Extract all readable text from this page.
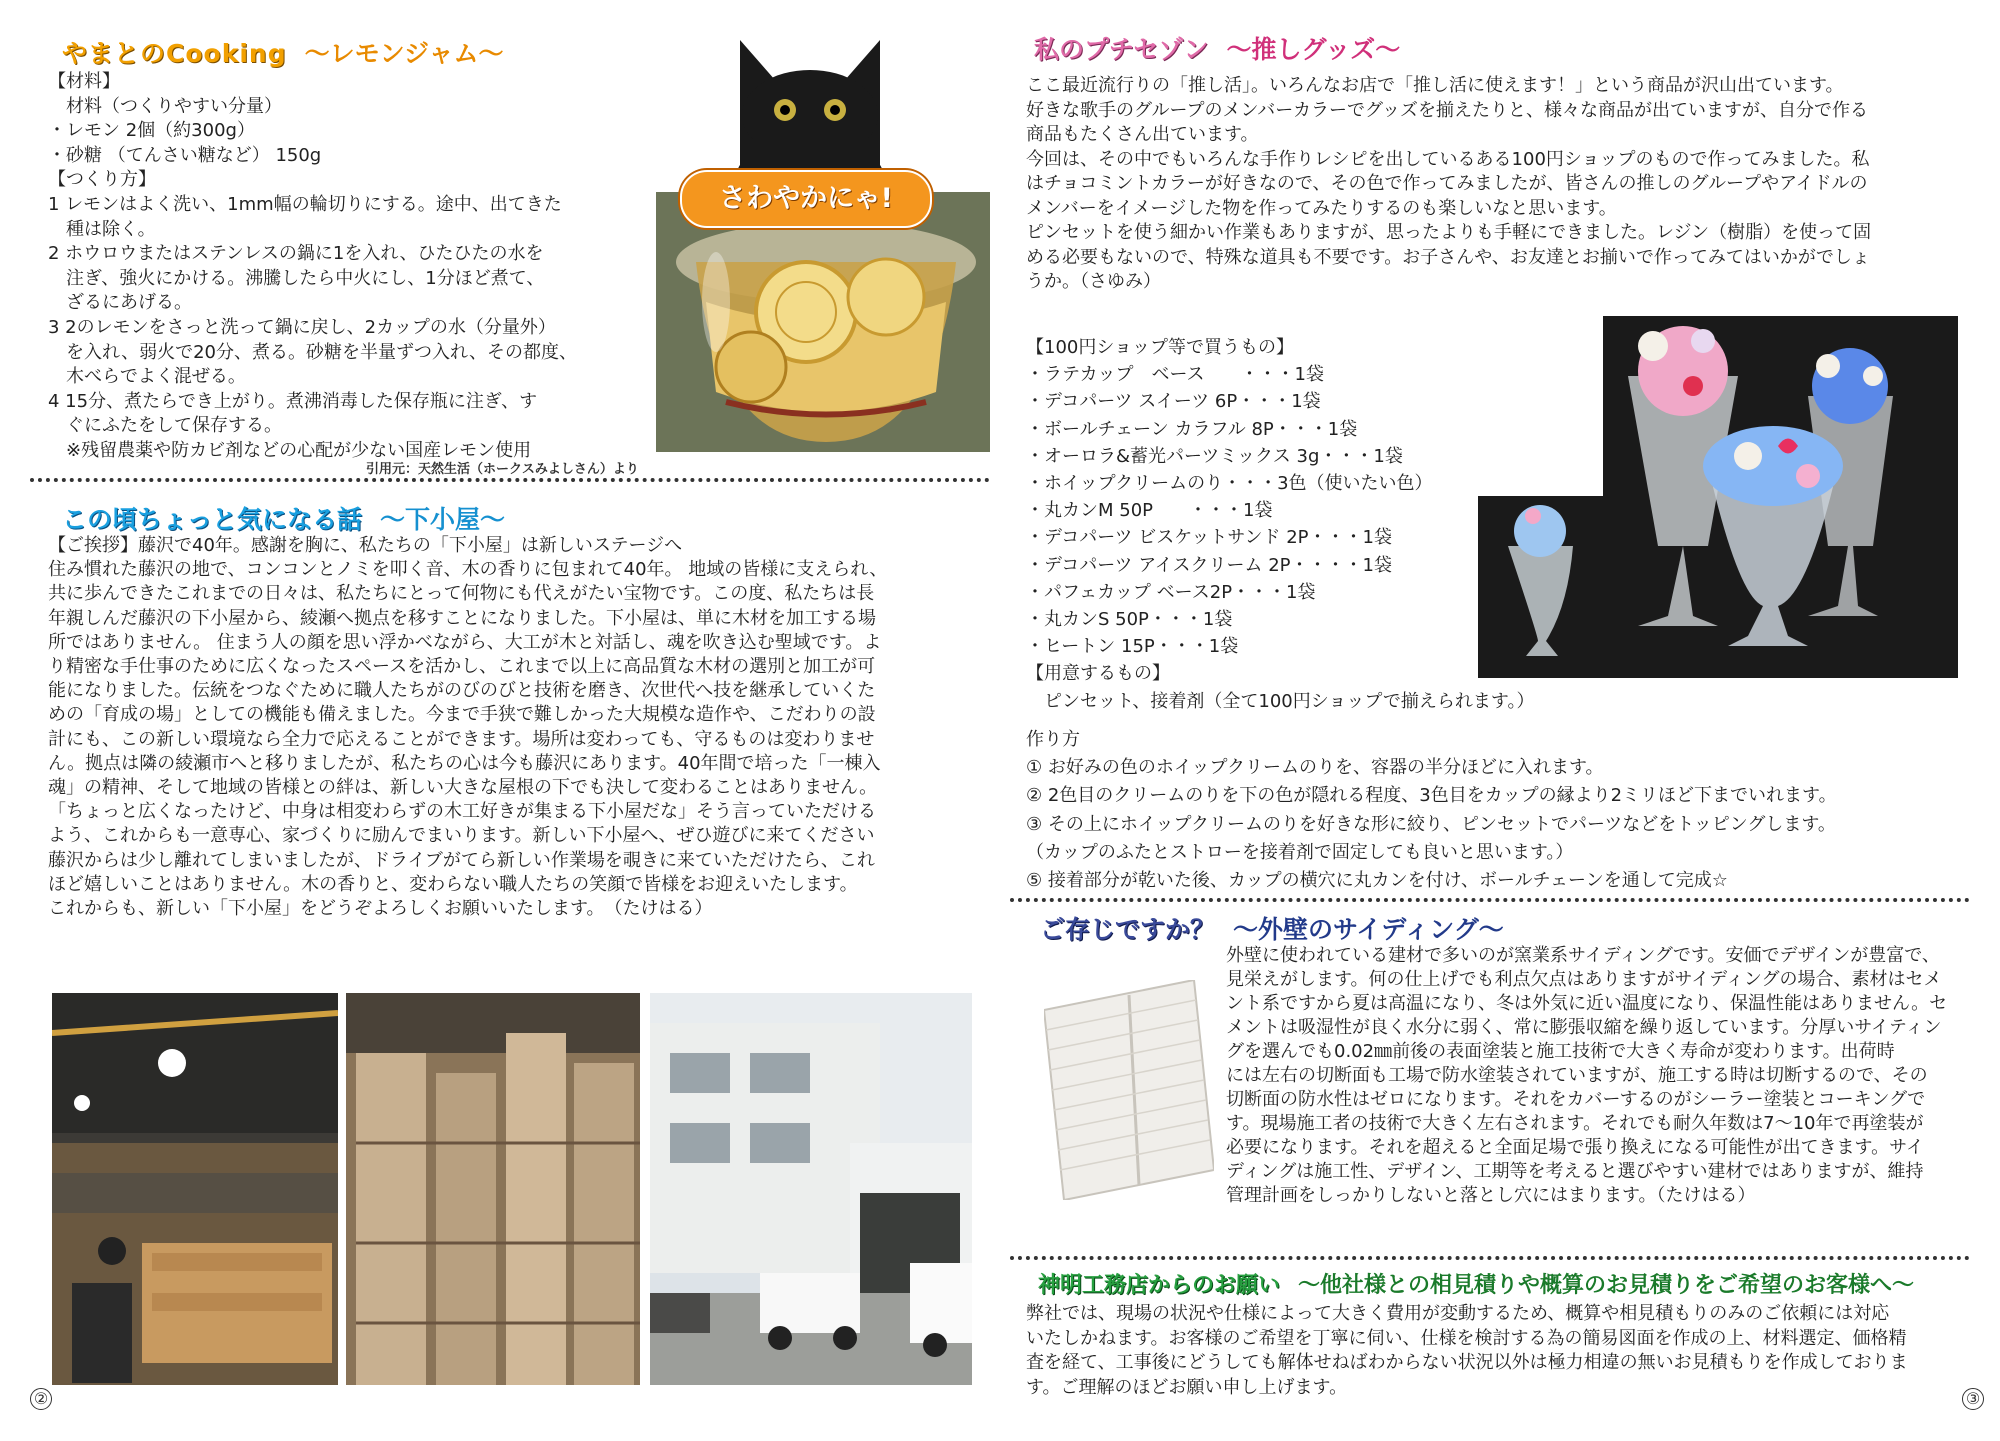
やまとのCooking ～レモンジャム～
【材料】
　材料（つくりやすい分量）
・レモン 2個（約300g）
・砂糖 （てんさい糖など） 150g
【つくり方】
1 レモンはよく洗い、1mm幅の輪切りにする。途中、出てきた
　種は除く。
2 ホウロウまたはステンレスの鍋に1を入れ、ひたひたの水を
　注ぎ、強火にかける。沸騰したら中火にし、1分ほど煮て、
　ざるにあげる。
3 2のレモンをさっと洗って鍋に戻し、2カップの水（分量外）
　を入れ、弱火で20分、煮る。砂糖を半量ずつ入れ、その都度、
　木べらでよく混ぜる。
4 15分、煮たらでき上がり。煮沸消毒した保存瓶に注ぎ、す
　ぐにふたをして保存する。
　※残留農薬や防カビ剤などの心配が少ない国産レモン使用
さわやかにゃ!
引用元：天然生活（ホークスみよしさん）より
この頃ちょっと気になる話 ～下小屋～
【ご挨拶】藤沢で40年。感謝を胸に、私たちの「下小屋」は新しいステージへ
住み慣れた藤沢の地で、コンコンとノミを叩く音、木の香りに包まれて40年。 地域の皆様に支えられ、
共に歩んできたこれまでの日々は、私たちにとって何物にも代えがたい宝物です。この度、私たちは長
年親しんだ藤沢の下小屋から、綾瀬へ拠点を移すことになりました。下小屋は、単に木材を加工する場
所ではありません。 住まう人の顔を思い浮かべながら、大工が木と対話し、魂を吹き込む聖域です。よ
り精密な手仕事のために広くなったスペースを活かし、これまで以上に高品質な木材の選別と加工が可
能になりました。伝統をつなぐために職人たちがのびのびと技術を磨き、次世代へ技を継承していくた
めの「育成の場」としての機能も備えました。今まで手狭で難しかった大規模な造作や、こだわりの設
計にも、この新しい環境なら全力で応えることができます。場所は変わっても、守るものは変わりませ
ん。拠点は隣の綾瀬市へと移りましたが、私たちの心は今も藤沢にあります。40年間で培った「一棟入
魂」の精神、そして地域の皆様との絆は、新しい大きな屋根の下でも決して変わることはありません。
「ちょっと広くなったけど、中身は相変わらずの木工好きが集まる下小屋だな」そう言っていただける
よう、これからも一意専心、家づくりに励んでまいります。新しい下小屋へ、ぜひ遊びに来てください
藤沢からは少し離れてしまいましたが、ドライブがてら新しい作業場を覗きに来ていただけたら、これ
ほど嬉しいことはありません。木の香りと、変わらない職人たちの笑顔で皆様をお迎えいたします。
これからも、新しい「下小屋」をどうぞよろしくお願いいたします。　（たけはる）
②
私のプチセゾン ～推しグッズ～
ここ最近流行りの「推し活」。いろんなお店で「推し活に使えます！」という商品が沢山出ています。
好きな歌手のグループのメンバーカラーでグッズを揃えたりと、様々な商品が出ていますが、自分で作る
商品もたくさん出ています。
今回は、その中でもいろんな手作りレシピを出しているある100円ショップのもので作ってみました。私
はチョコミントカラーが好きなので、その色で作ってみましたが、皆さんの推しのグループやアイドルの
メンバーをイメージした物を作ってみたりするのも楽しいなと思います。
ピンセットを使う細かい作業もありますが、思ったよりも手軽にできました。レジン（樹脂）を使って固
める必要もないので、特殊な道具も不要です。お子さんや、お友達とお揃いで作ってみてはいかがでしょ
うか。（さゆみ）
【100円ショップ等で買うもの】
・ラテカップ　ベース　　・・・1袋
・デコパーツ スイーツ 6P・・・1袋
・ボールチェーン カラフル 8P・・・1袋
・オーロラ&蓄光パーツミックス 3g・・・1袋
・ホイップクリームのり・・・3色（使いたい色）
・丸カンM 50P　　・・・1袋
・デコパーツ ビスケットサンド 2P・・・1袋
・デコパーツ アイスクリーム 2P・・・・1袋
・パフェカップ ベース2P・・・1袋
・丸カンS 50P・・・1袋
・ヒートン 15P・・・1袋
【用意するもの】
　ピンセット、接着剤（全て100円ショップで揃えられます。）
作り方
① お好みの色のホイップクリームのりを、容器の半分ほどに入れます。
② 2色目のクリームのりを下の色が隠れる程度、3色目をカップの縁より2ミリほど下までいれます。
③ その上にホイップクリームのりを好きな形に絞り、ピンセットでパーツなどをトッピングします。
（カップのふたとストローを接着剤で固定しても良いと思います。）
⑤ 接着部分が乾いた後、カップの横穴に丸カンを付け、ボールチェーンを通して完成☆
ご存じですか？ ～外壁のサイディング～
外壁に使われている建材で多いのが窯業系サイディングです。安価でデザインが豊富で、
見栄えがします。何の仕上げでも利点欠点はありますがサイディングの場合、素材はセメ
ント系ですから夏は高温になり、冬は外気に近い温度になり、保温性能はありません。セ
メントは吸湿性が良く水分に弱く、常に膨張収縮を繰り返しています。分厚いサイティン
グを選んでも0.02㎜前後の表面塗装と施工技術で大きく寿命が変わります。出荷時
には左右の切断面も工場で防水塗装されていますが、施工する時は切断するので、その
切断面の防水性はゼロになります。それをカバーするのがシーラー塗装とコーキングで
す。現場施工者の技術で大きく左右されます。それでも耐久年数は7～10年で再塗装が
必要になります。それを超えると全面足場で張り換えになる可能性が出てきます。サイ
ディングは施工性、デザイン、工期等を考えると選びやすい建材ではありますが、維持
管理計画をしっかりしないと落とし穴にはまります。（たけはる）
神明工務店からのお願い ～他社様との相見積りや概算のお見積りをご希望のお客様へ～
弊社では、現場の状況や仕様によって大きく費用が変動するため、概算や相見積もりのみのご依頼には対応
いたしかねます。お客様のご希望を丁寧に伺い、仕様を検討する為の簡易図面を作成の上、材料選定、価格精
査を経て、工事後にどうしても解体せねばわからない状況以外は極力相違の無いお見積もりを作成しておりま
す。ご理解のほどお願い申し上げます。
③
